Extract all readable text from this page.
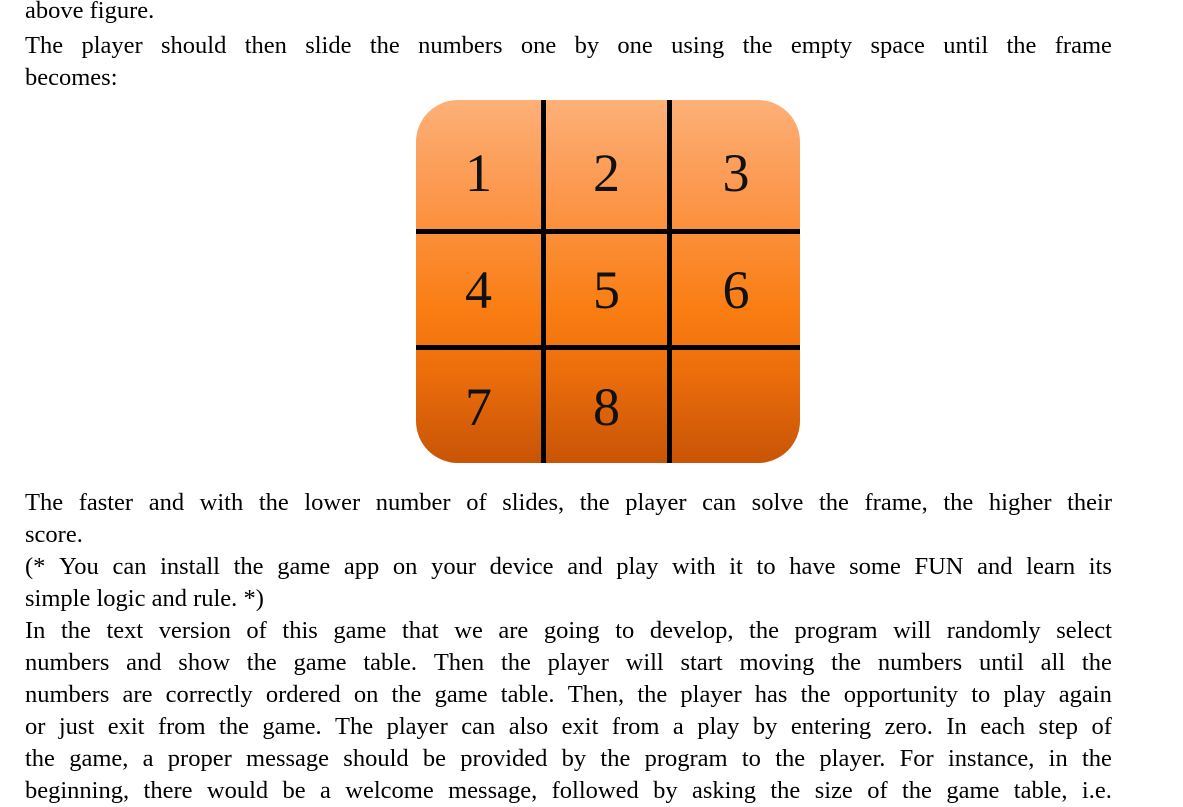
above figure.
The player should then slide the numbers one by one using the empty space until the frame
becomes:
The faster and with the lower number of slides, the player can solve the frame, the higher their
score.
(* You can install the game app on your device and play with it to have some FUN and learn its
simple logic and rule. *)
In the text version of this game that we are going to develop, the program will randomly select
numbers and show the game table. Then the player will start moving the numbers until all the
numbers are correctly ordered on the game table. Then, the player has the opportunity to play again
or just exit from the game. The player can also exit from a play by entering zero. In each step of
the game, a proper message should be provided by the program to the player. For instance, in the
beginning, there would be a welcome message, followed by asking the size of the game table, i.e.
1	2	3
4	5	6
7	8
